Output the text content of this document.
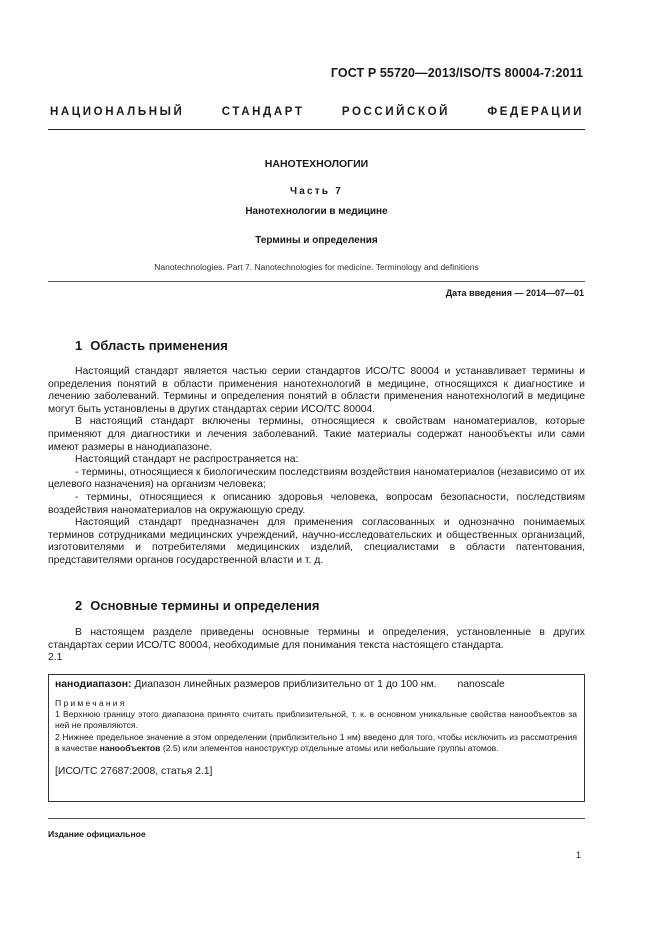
ГОСТ Р 55720—2013/ISO/TS 80004-7:2011
НАЦИОНАЛЬНЫЙ СТАНДАРТ РОССИЙСКОЙ ФЕДЕРАЦИИ
НАНОТЕХНОЛОГИИ
Часть 7
Нанотехнологии в медицине
Термины и определения
Nanotechnologies. Part 7. Nanotechnologies for medicine. Terminology and definitions
Дата введения — 2014—07—01
1 Область применения

Настоящий стандарт является частью серии стандартов ИСО/ТС 80004 и устанавливает термины и определения понятий в области применения нанотехнологий в медицине, относящихся к диагностике и лечению заболеваний. Термины и определения понятий в области применения нанотехнологий в медицине могут быть установлены в других стандартах серии ИСО/ТС 80004.

В настоящий стандарт включены термины, относящиеся к свойствам наноматериалов, которые применяют для диагностики и лечения заболеваний. Такие материалы содержат нанообъекты или сами имеют размеры в нанодиапазоне.

Настоящий стандарт не распространяется на:

- термины, относящиеся к биологическим последствиям воздействия наноматериалов (независимо от их целевого назначения) на организм человека;

- термины, относящиеся к описанию здоровья человека, вопросам безопасности, последствиям воздействия наноматериалов на окружающую среду.

Настоящий стандарт предназначен для применения согласованных и однозначно понимаемых терминов сотрудниками медицинских учреждений, научно-исследовательских и общественных организаций, изготовителями и потребителями медицинских изделий, специалистами в области патентования, представителями органов государственной власти и т. д.

2 Основные термины и определения

В настоящем разделе приведены основные термины и определения, установленные в других стандартах серии ИСО/ТС 80004, необходимые для понимания текста настоящего стандарта.

2.1

нанодиапазон: Диапазон линейных размеров приблизительно от 1 до 100 нм. nanoscale
Примечания
1 Верхнюю границу этого диапазона принято считать приблизительной, т. к. в основном уникальные свойства нанообъектов за ней не проявляются.
2 Нижнее предельное значение в этом определении (приблизительно 1 нм) введено для того, чтобы исключить из рассмотрения в качестве нанообъектов (2.5) или элементов наноструктур отдельные атомы или небольшие группы атомов.
[ИСО/ТС 27687:2008, статья 2.1]
Издание официальное
1
